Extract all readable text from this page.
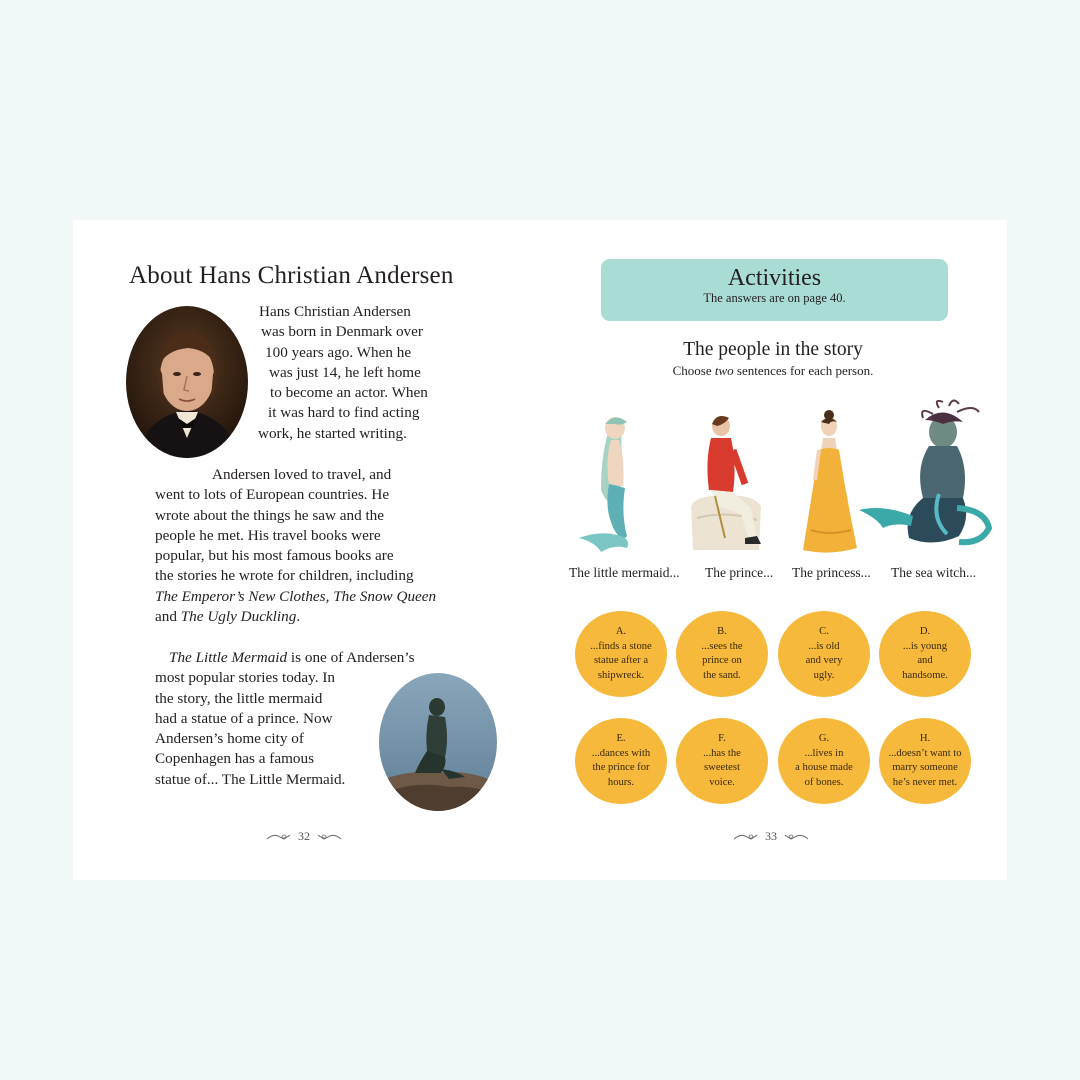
About Hans Christian Andersen
Hans Christian Andersen
was born in Denmark over
100 years ago. When he
was just 14, he left home
to become an actor. When
it was hard to find acting
work, he started writing.
Andersen loved to travel, and
went to lots of European countries. He
wrote about the things he saw and the
people he met. His travel books were
popular, but his most famous books are
the stories he wrote for children, including
The Emperor’s New Clothes, The Snow Queen
and The Ugly Duckling.
The Little Mermaid is one of Andersen’s
most popular stories today. In
the story, the little mermaid
had a statue of a prince. Now
Andersen’s home city of
Copenhagen has a famous
statue of... The Little Mermaid.
32
Activities
The answers are on page 40.
The people in the story
Choose two sentences for each person.
The little mermaid... The prince... The princess... The sea witch...
A.
...finds a stone
statue after a
shipwreck.
B.
...sees the
prince on
the sand.
C.
...is old
and very
ugly.
D.
...is young
and
handsome.
E.
...dances with
the prince for
hours.
F.
...has the
sweetest
voice.
G.
...lives in
a house made
of bones.
H.
...doesn’t want to
marry someone
he’s never met.
33
